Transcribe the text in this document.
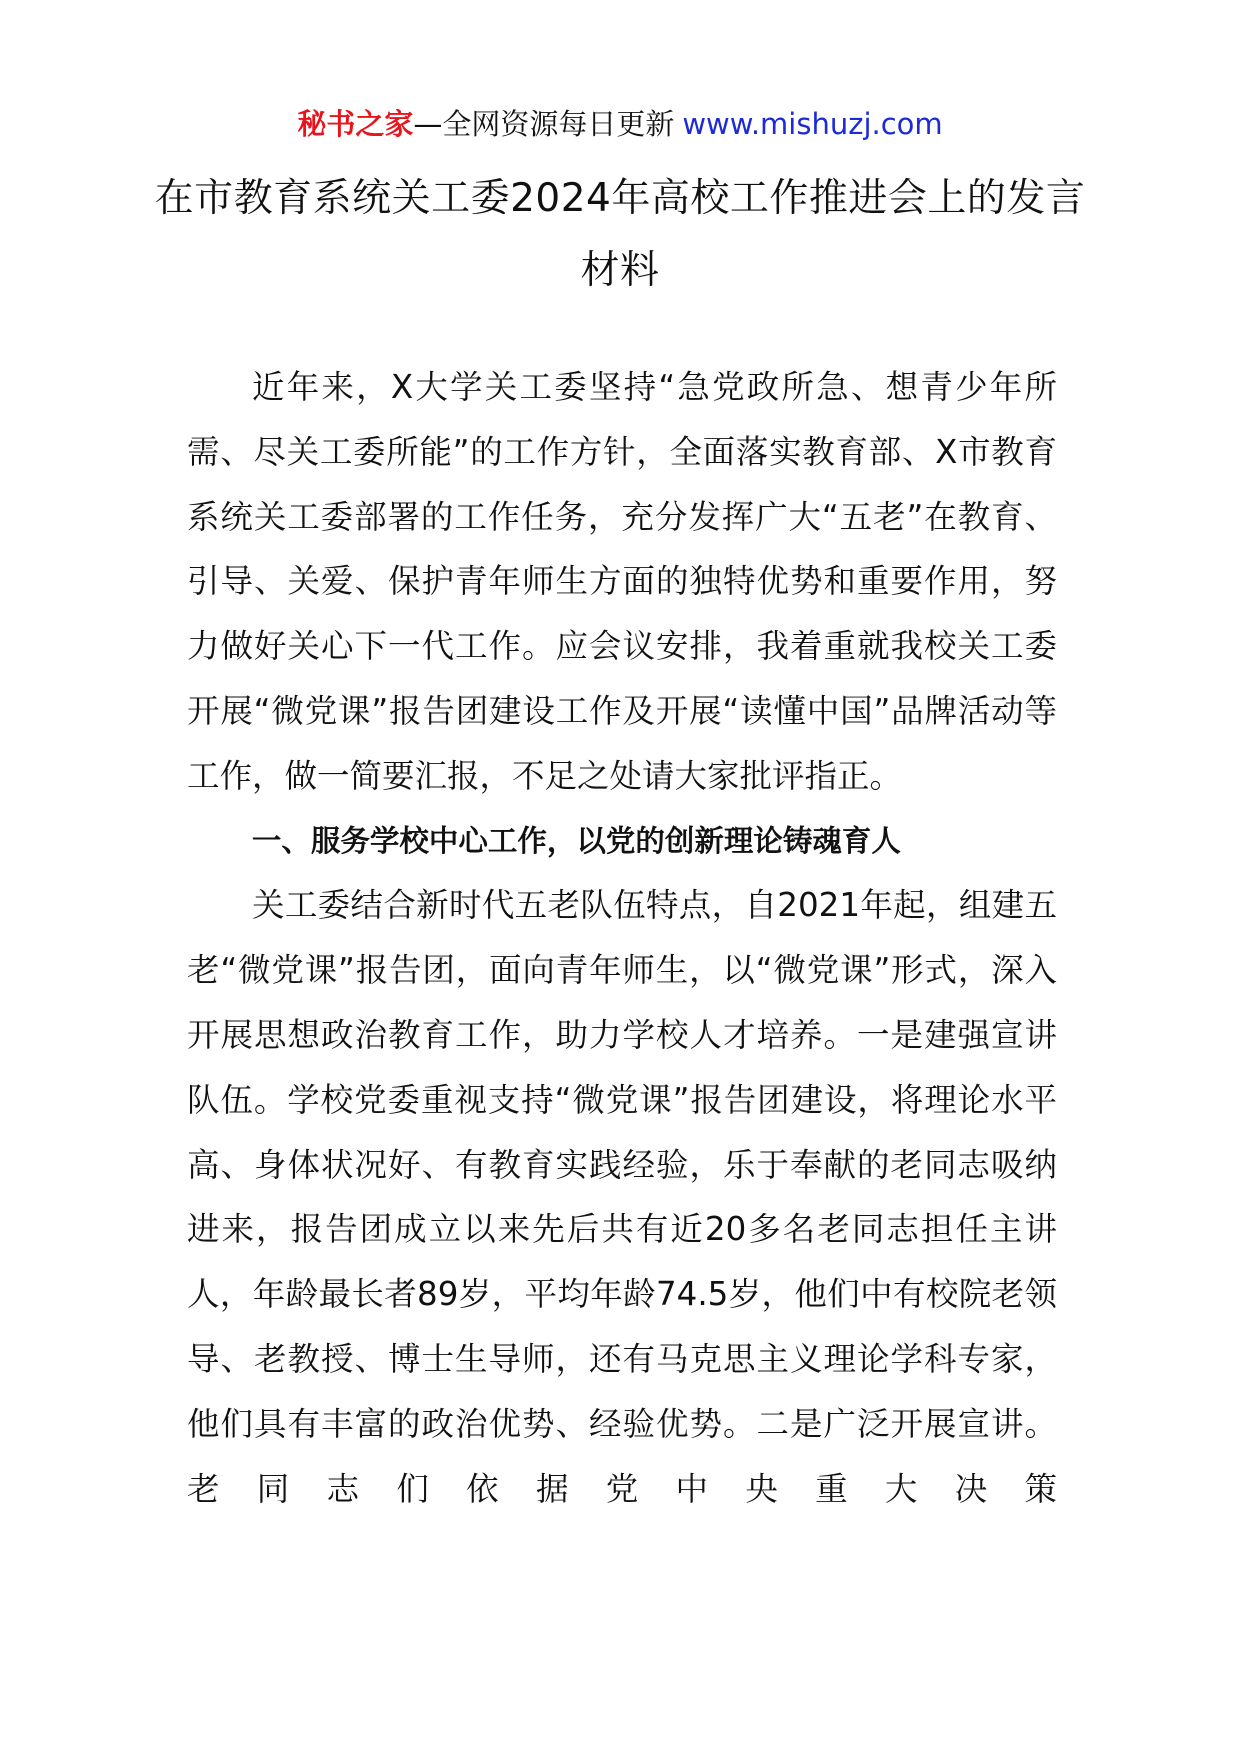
秘书之家—全网资源每日更新 www.mishuzj.com
在市教育系统关工委2024年高校工作推进会上的发言材料

近年来，X大学关工委坚持“急党政所急、想青少年所需、尽关工委所能”的工作方针，全面落实教育部、X市教育系统关工委部署的工作任务，充分发挥广大“五老”在教育、引导、关爱、保护青年师生方面的独特优势和重要作用，努力做好关心下一代工作。应会议安排，我着重就我校关工委开展“微党课”报告团建设工作及开展“读懂中国”品牌活动等工作，做一简要汇报，不足之处请大家批评指正。

一、服务学校中心工作，以党的创新理论铸魂育人

关工委结合新时代五老队伍特点，自2021年起，组建五老“微党课”报告团，面向青年师生，以“微党课”形式，深入开展思想政治教育工作，助力学校人才培养。一是建强宣讲队伍。学校党委重视支持“微党课”报告团建设，将理论水平高、身体状况好、有教育实践经验，乐于奉献的老同志吸纳进来，报告团成立以来先后共有近20多名老同志担任主讲人，年龄最长者89岁，平均年龄74.5岁，他们中有校院老领导、老教授、博士生导师，还有马克思主义理论学科专家，他们具有丰富的政治优势、经验优势。二是广泛开展宣讲。老同志们依据党中央重大决策
